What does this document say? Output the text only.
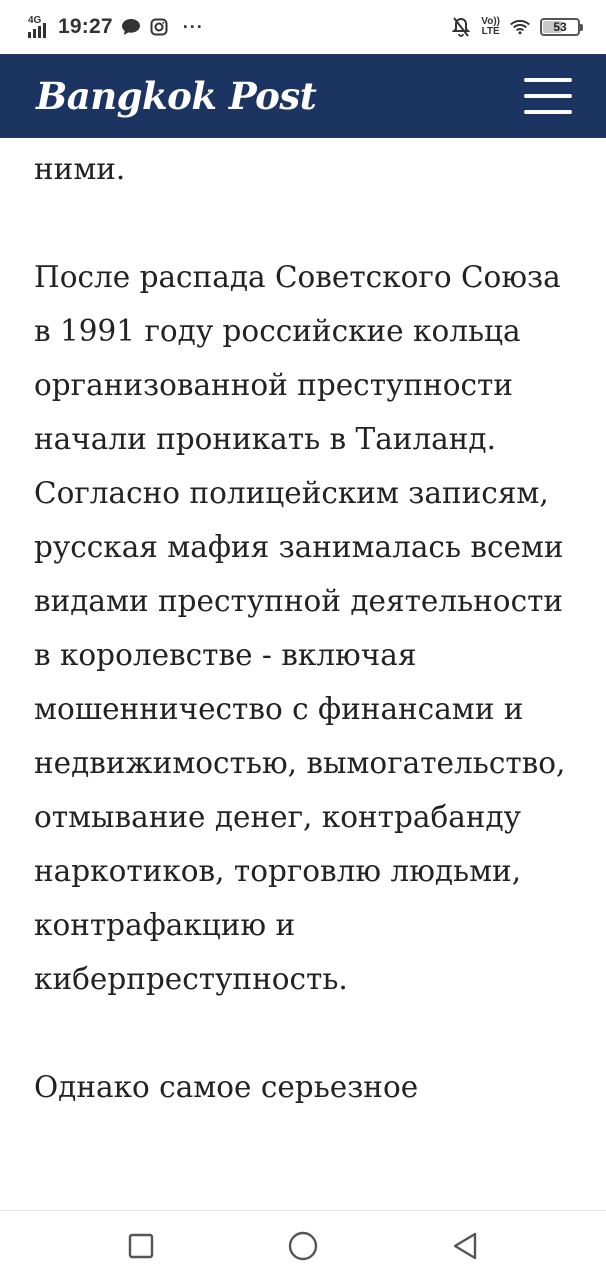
4G 19:27	···	Vo))
LTE	53
Bangkok Post

ними.

После распада Советского Союза в 1991 году российские кольца организованной преступности начали проникать в Таиланд. Согласно полицейским записям, русская мафия занималась всеми видами преступной деятельности в королевстве - включая мошенничество с финансами и недвижимостью, вымогательство, отмывание денег, контрабанду наркотиков, торговлю людьми, контрафакцию и киберпреступность.

Однако самое серьезное
